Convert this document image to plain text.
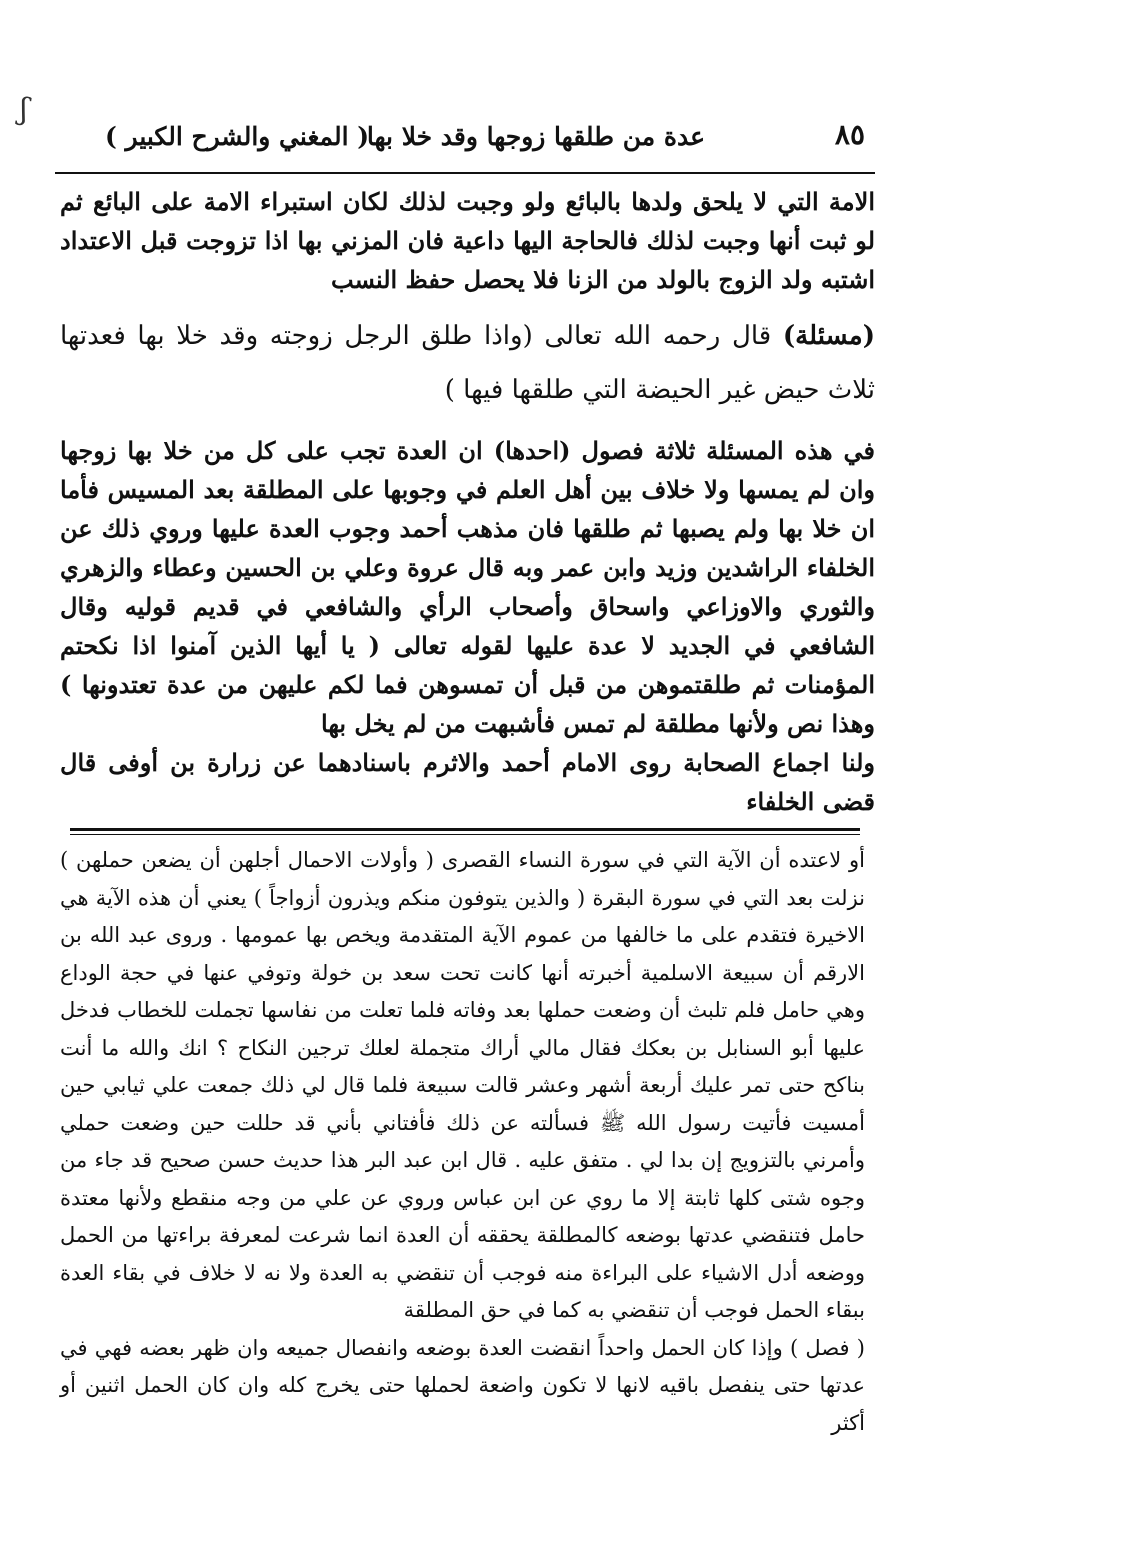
ʃ
٨٥
عدة من طلقها زوجها وقد خلا بها
( المغني والشرح الكبير )

الامة التي لا يلحق ولدها بالبائع ولو وجبت لذلك لكان استبراء الامة على البائع ثم لو ثبت أنها وجبت لذلك فالحاجة اليها داعية فان المزني بها اذا تزوجت قبل الاعتداد اشتبه ولد الزوج بالولد من الزنا فلا يحصل حفظ النسب

(مسئلة) قال رحمه الله تعالى (واذا طلق الرجل زوجته وقد خلا بها فعدتها ثلاث حيض غير الحيضة التي طلقها فيها )

في هذه المسئلة ثلاثة فصول (احدها) ان العدة تجب على كل من خلا بها زوجها وان لم يمسها ولا خلاف بين أهل العلم في وجوبها على المطلقة بعد المسيس فأما ان خلا بها ولم يصبها ثم طلقها فان مذهب أحمد وجوب العدة عليها وروي ذلك عن الخلفاء الراشدين وزيد وابن عمر وبه قال عروة وعلي بن الحسين وعطاء والزهري والثوري والاوزاعي واسحاق وأصحاب الرأي والشافعي في قديم قوليه وقال الشافعي في الجديد لا عدة عليها لقوله تعالى ( يا أيها الذين آمنوا اذا نكحتم المؤمنات ثم طلقتموهن من قبل أن تمسوهن فما لكم عليهن من عدة تعتدونها ) وهذا نص ولأنها مطلقة لم تمس فأشبهت من لم يخل بها

ولنا اجماع الصحابة روى الامام أحمد والاثرم باسنادهما عن زرارة بن أوفى قال قضى الخلفاء

أو لاعتده أن الآية التي في سورة النساء القصرى ( وأولات الاحمال أجلهن أن يضعن حملهن ) نزلت بعد التي في سورة البقرة ( والذين يتوفون منكم ويذرون أزواجاً ) يعني أن هذه الآية هي الاخيرة فتقدم على ما خالفها من عموم الآية المتقدمة ويخص بها عمومها . وروى عبد الله بن الارقم أن سبيعة الاسلمية أخبرته أنها كانت تحت سعد بن خولة وتوفي عنها في حجة الوداع وهي حامل فلم تلبث أن وضعت حملها بعد وفاته فلما تعلت من نفاسها تجملت للخطاب فدخل عليها أبو السنابل بن بعكك فقال مالي أراك متجملة لعلك ترجين النكاح ؟ انك والله ما أنت بناكح حتى تمر عليك أربعة أشهر وعشر قالت سبيعة فلما قال لي ذلك جمعت علي ثيابي حين أمسيت فأتيت رسول الله ﷺ فسألته عن ذلك فأفتاني بأني قد حللت حين وضعت حملي وأمرني بالتزويج إن بدا لي . متفق عليه . قال ابن عبد البر هذا حديث حسن صحيح قد جاء من وجوه شتى كلها ثابتة إلا ما روي عن ابن عباس وروي عن علي من وجه منقطع ولأنها معتدة حامل فتنقضي عدتها بوضعه كالمطلقة يحققه أن العدة انما شرعت لمعرفة براءتها من الحمل ووضعه أدل الاشياء على البراءة منه فوجب أن تنقضي به العدة ولا نه لا خلاف في بقاء العدة ببقاء الحمل فوجب أن تنقضي به كما في حق المطلقة

( فصل ) وإذا كان الحمل واحداً انقضت العدة بوضعه وانفصال جميعه وان ظهر بعضه فهي في عدتها حتى ينفصل باقيه لانها لا تكون واضعة لحملها حتى يخرج كله وان كان الحمل اثنين أو أكثر
